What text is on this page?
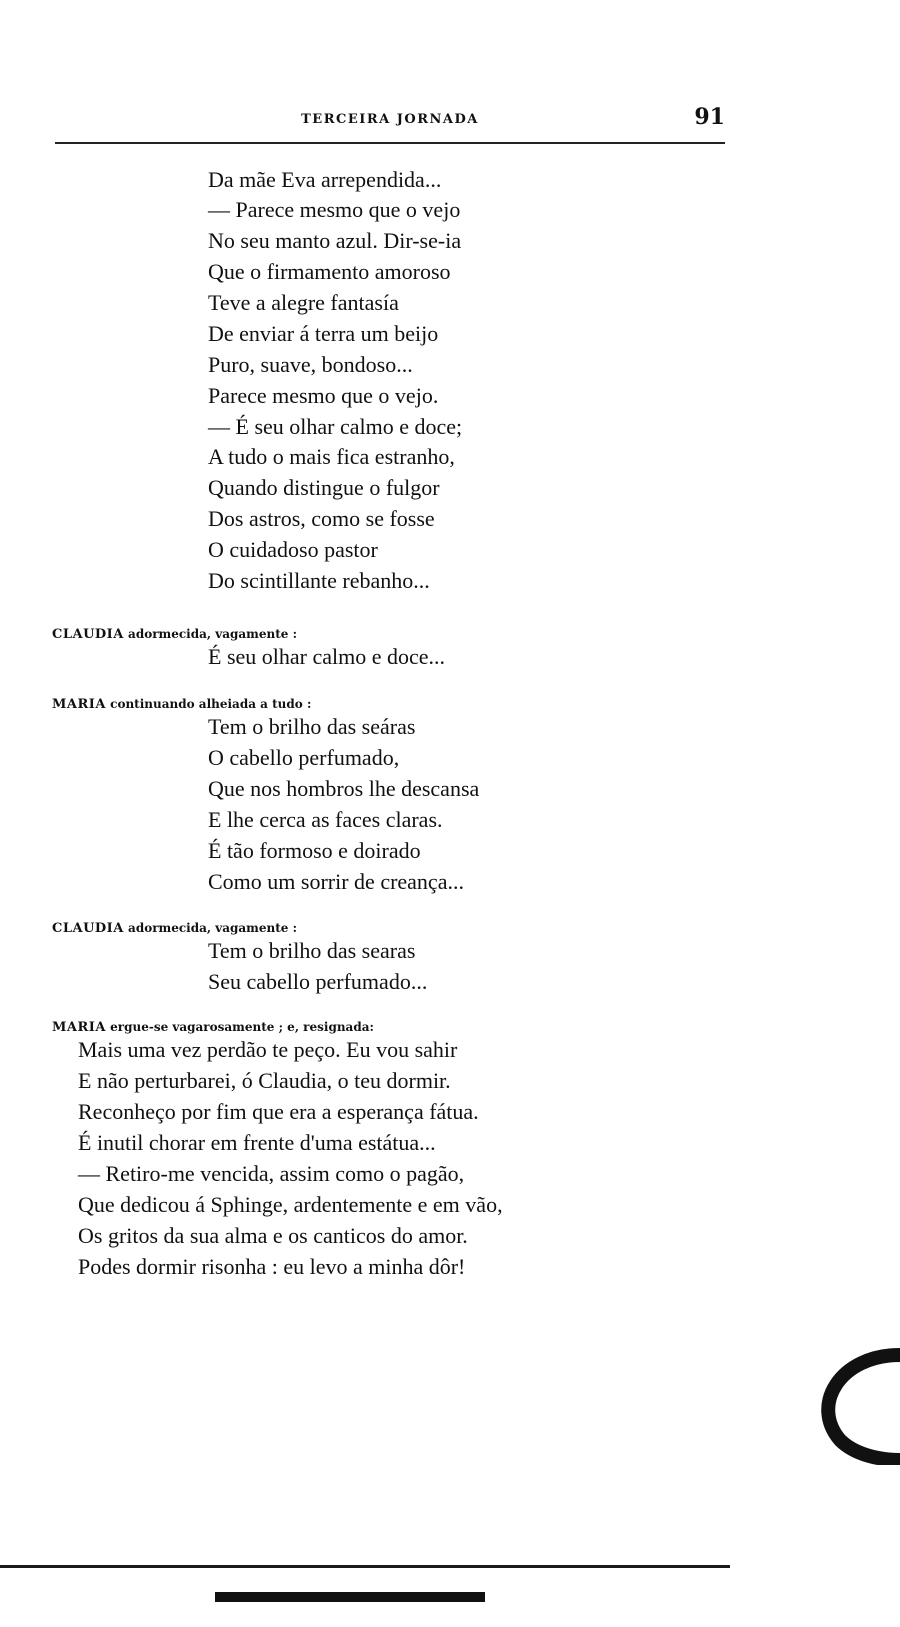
TERCEIRA JORNADA	91
Da mãe Eva arrependida...
— Parece mesmo que o vejo
No seu manto azul. Dir-se-ia
Que o firmamento amoroso
Teve a alegre fantasía
De enviar á terra um beijo
Puro, suave, bondoso...
Parece mesmo que o vejo.
— É seu olhar calmo e doce;
A tudo o mais fica estranho,
Quando distingue o fulgor
Dos astros, como se fosse
O cuidadoso pastor
Do scintillante rebanho...
CLAUDIA adormecida, vagamente :
É seu olhar calmo e doce...
MARIA continuando alheiada a tudo :
Tem o brilho das seáras
O cabello perfumado,
Que nos hombros lhe descansa
E lhe cerca as faces claras.
É tão formoso e doirado
Como um sorrir de creança...
CLAUDIA adormecida, vagamente :
Tem o brilho das searas
Seu cabello perfumado...
MARIA ergue-se vagarosamente ; e, resignada:
Mais uma vez perdão te peço. Eu vou sahir
E não perturbarei, ó Claudia, o teu dormir.
Reconheço por fim que era a esperança fátua.
É inutil chorar em frente d'uma estátua...
— Retiro-me vencida, assim como o pagão,
Que dedicou á Sphinge, ardentemente e em vão,
Os gritos da sua alma e os canticos do amor.
Podes dormir risonha : eu levo a minha dôr!
